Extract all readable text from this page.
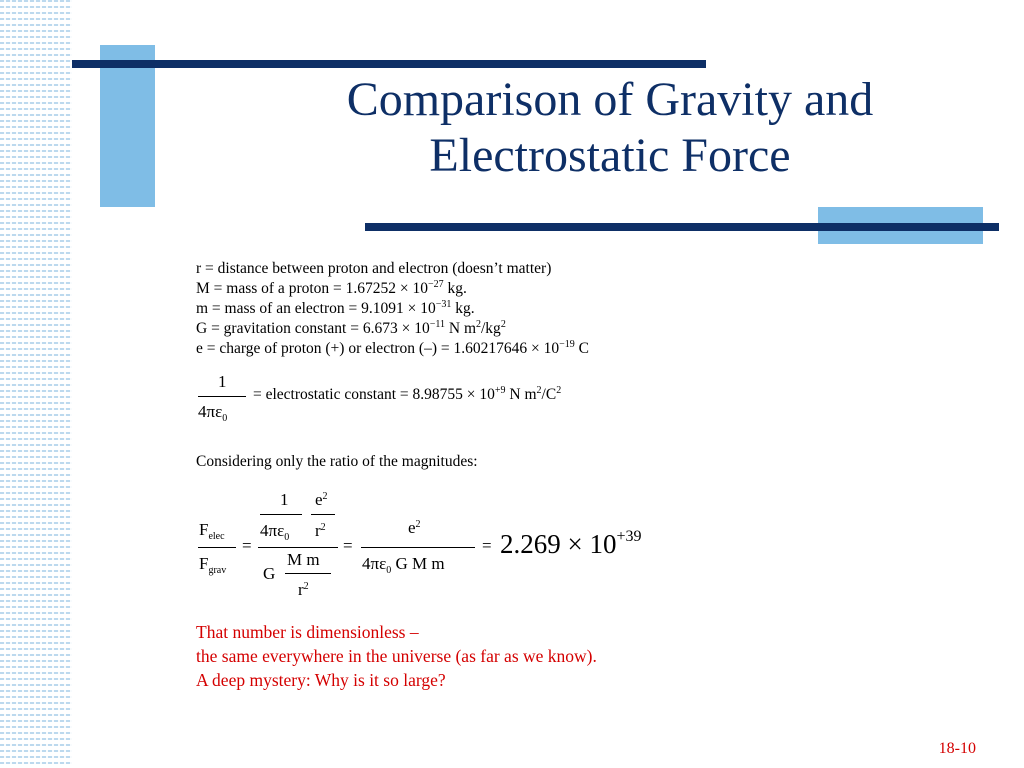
Comparison of Gravity and
Electrostatic Force
r = distance between proton and electron (doesn’t matter)
M = mass of a proton = $1.67252 \times 10^{-27}$ kg.
m = mass of an electron = $9.1091 \times 10^{-31}$ kg.
G = gravitation constant = $6.673 \times 10^{-11}$ N $m^2/kg^2$
e = charge of proton (+) or electron (–) = $1.60217646 \times 10^{-19}$ C
1
$4\pi\varepsilon_0$
= electrostatic constant = $8.98755 \times 10^{+9}$ N $m^2/C^2$
Considering only the ratio of the magnitudes:
$F_{elec}$
$F_{grav}$
=
1 $e^2$
$4\pi\varepsilon_0$ $r^2$
M m
G
$r^2$
=
$e^2$
$4\pi\varepsilon_0$ G M m
= $2.269 \times 10^{+39}$
That number is dimensionless –
the same everywhere in the universe (as far as we know).
A deep mystery: Why is it so large?
18-10
